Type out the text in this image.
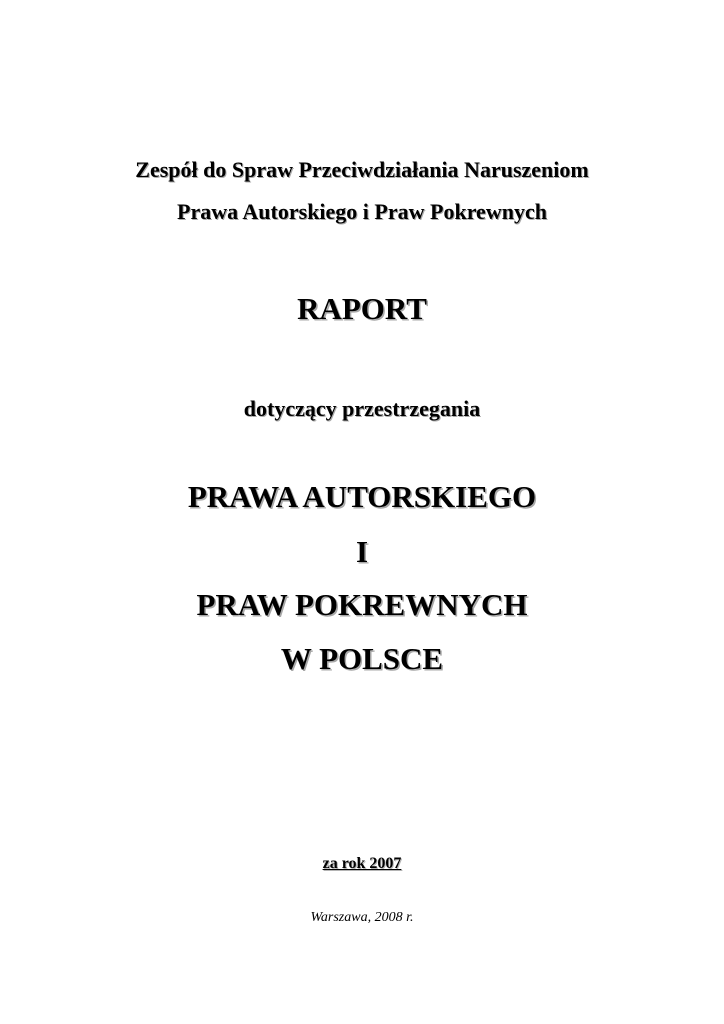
Zespół do Spraw Przeciwdziałania Naruszeniom
Prawa Autorskiego i Praw Pokrewnych
RAPORT
dotyczący przestrzegania
PRAWA AUTORSKIEGO
I
PRAW POKREWNYCH
W POLSCE
za rok 2007
Warszawa, 2008 r.
